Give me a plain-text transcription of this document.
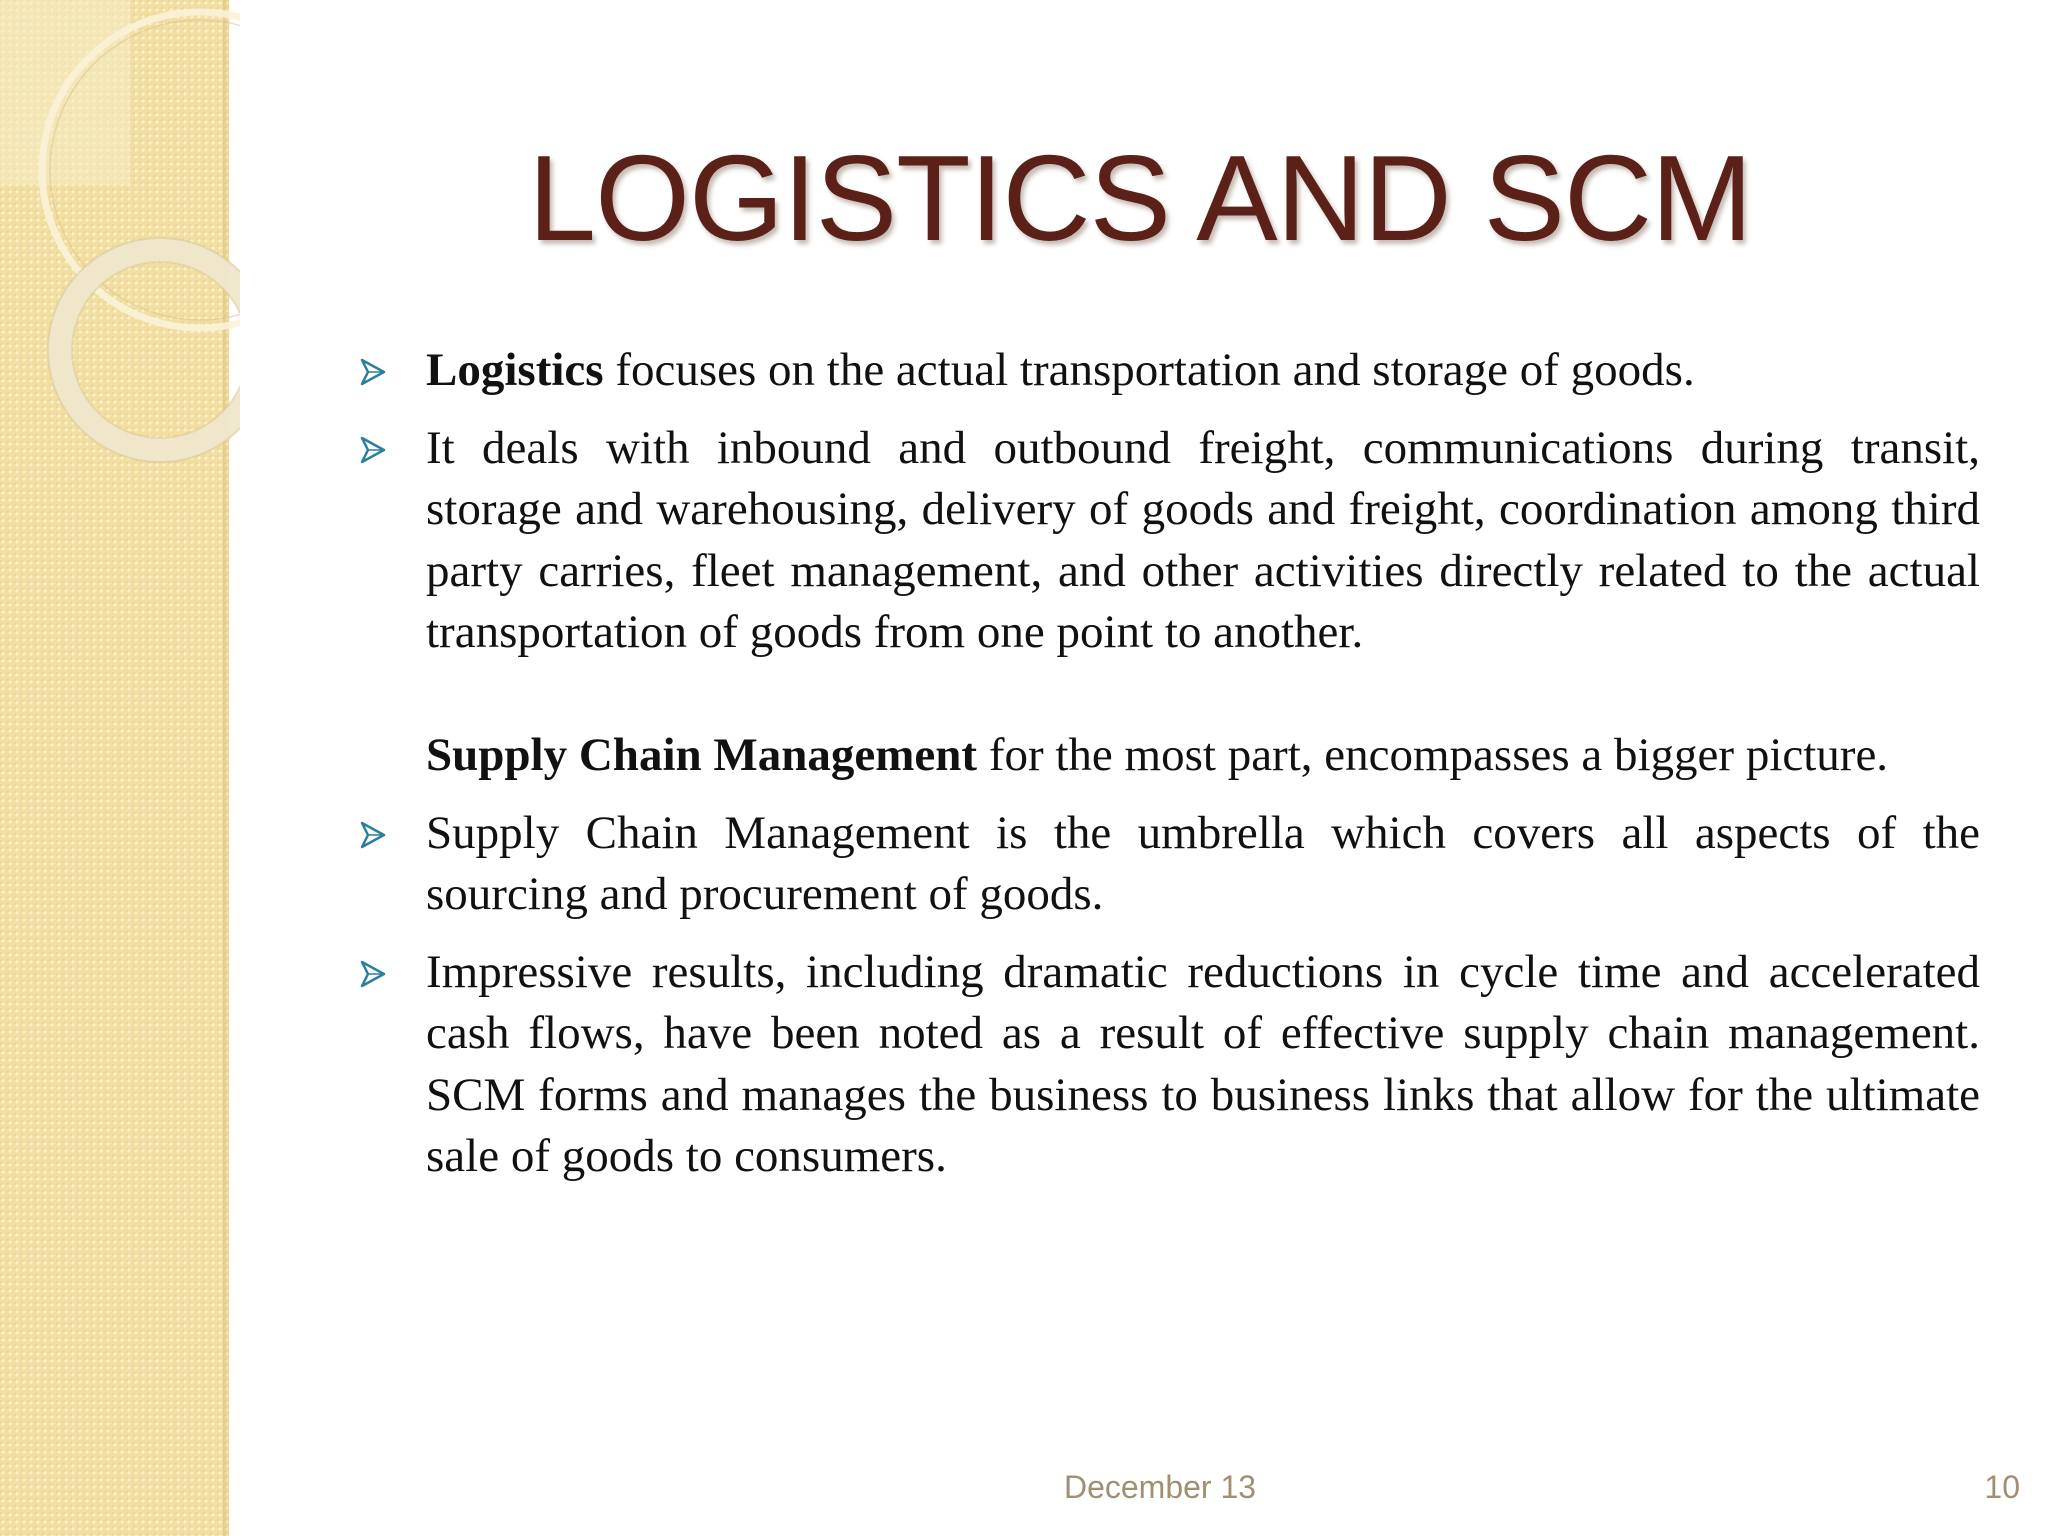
LOGISTICS AND SCM
Logistics focuses on the actual transportation and storage of goods.
It deals with inbound and outbound freight, communications during transit, storage and warehousing, delivery of goods and freight, coordination among third party carries, fleet management, and other activities directly related to the actual transportation of goods from one point to another.
Supply Chain Management for the most part, encompasses a bigger picture.
Supply Chain Management is the umbrella which covers all aspects of the sourcing and procurement of goods.
Impressive results, including dramatic reductions in cycle time and accelerated cash flows, have been noted as a result of effective supply chain management. SCM forms and manages the business to business links that allow for the ultimate sale of goods to consumers.
December 13	10
